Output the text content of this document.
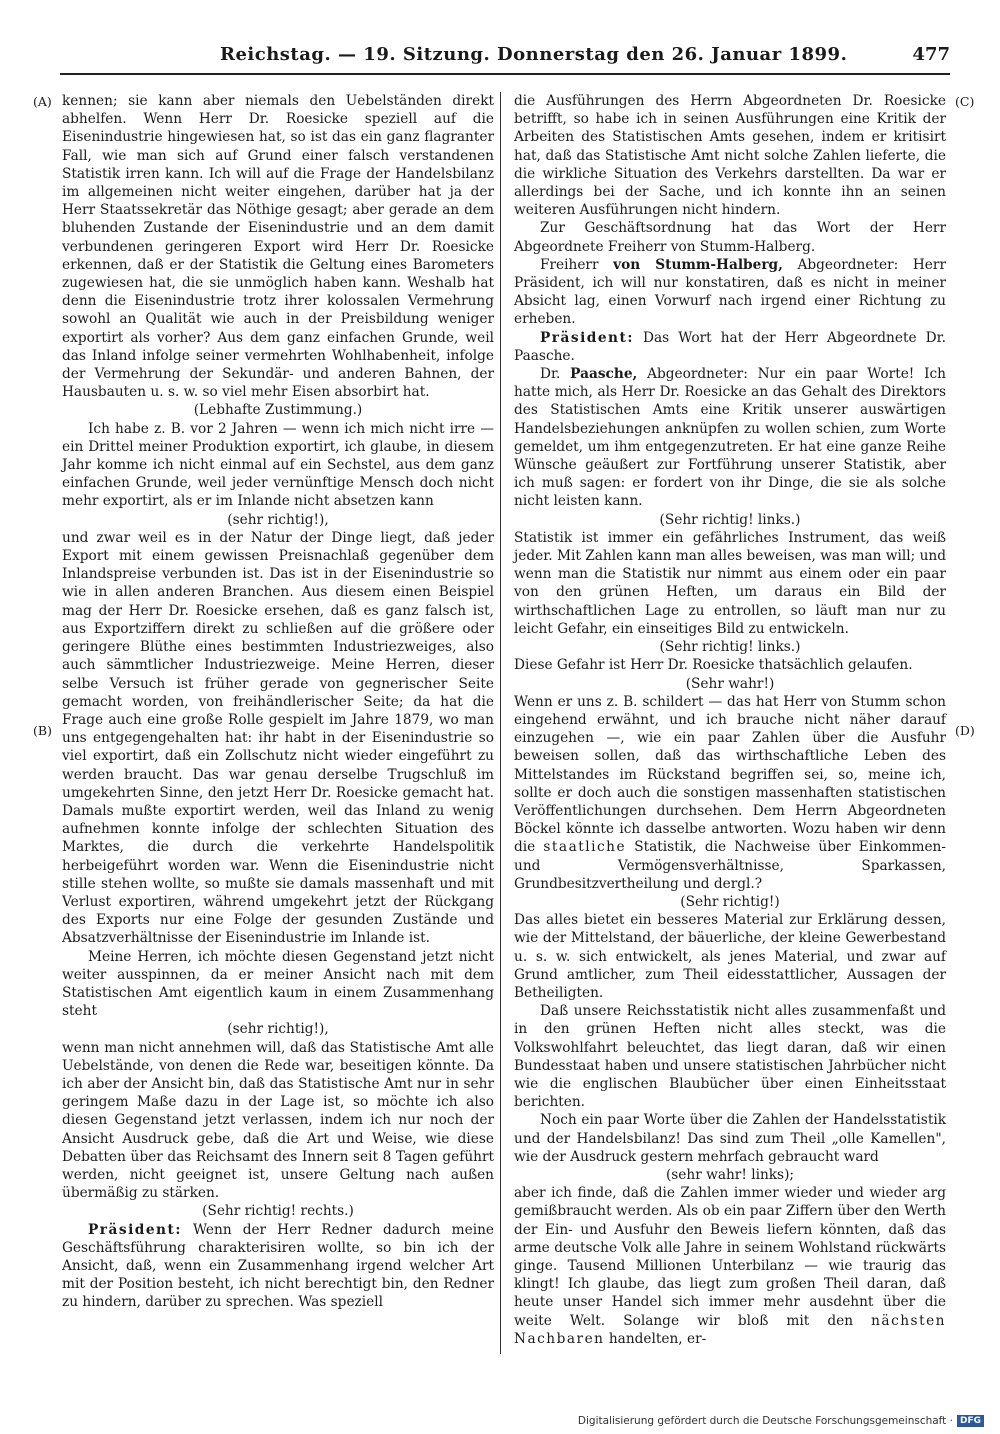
Reichstag. — 19. Sitzung. Donnerstag den 26. Januar 1899.	477
(A)
(B)
(C)
(D)

kennen; sie kann aber niemals den Uebelständen direkt abhelfen. Wenn Herr Dr. Roesicke speziell auf die Eisenindustrie hingewiesen hat, so ist das ein ganz flagranter Fall, wie man sich auf Grund einer falsch verstandenen Statistik irren kann. Ich will auf die Frage der Handelsbilanz im allgemeinen nicht weiter eingehen, darüber hat ja der Herr Staatssekretär das Nöthige gesagt; aber gerade an dem bluhenden Zustande der Eisenindustrie und an dem damit verbundenen geringeren Export wird Herr Dr. Roesicke erkennen, daß er der Statistik die Geltung eines Barometers zugewiesen hat, die sie unmöglich haben kann. Weshalb hat denn die Eisenindustrie trotz ihrer kolossalen Vermehrung sowohl an Qualität wie auch in der Preisbildung weniger exportirt als vorher? Aus dem ganz einfachen Grunde, weil das Inland infolge seiner vermehrten Wohlhabenheit, infolge der Vermehrung der Sekundär- und anderen Bahnen, der Hausbauten u. s. w. so viel mehr Eisen absorbirt hat.

(Lebhafte Zustimmung.)

Ich habe z. B. vor 2 Jahren — wenn ich mich nicht irre — ein Drittel meiner Produktion exportirt, ich glaube, in diesem Jahr komme ich nicht einmal auf ein Sechstel, aus dem ganz einfachen Grunde, weil jeder vernünftige Mensch doch nicht mehr exportirt, als er im Inlande nicht absetzen kann

(sehr richtig!),

und zwar weil es in der Natur der Dinge liegt, daß jeder Export mit einem gewissen Preisnachlaß gegenüber dem Inlandspreise verbunden ist. Das ist in der Eisenindustrie so wie in allen anderen Branchen. Aus diesem einen Beispiel mag der Herr Dr. Roesicke ersehen, daß es ganz falsch ist, aus Exportziffern direkt zu schließen auf die größere oder geringere Blüthe eines bestimmten Industriezweiges, also auch sämmtlicher Industriezweige. Meine Herren, dieser selbe Versuch ist früher gerade von gegnerischer Seite gemacht worden, von freihändlerischer Seite; da hat die Frage auch eine große Rolle gespielt im Jahre 1879, wo man uns entgegengehalten hat: ihr habt in der Eisenindustrie so viel exportirt, daß ein Zollschutz nicht wieder eingeführt zu werden braucht. Das war genau derselbe Trugschluß im umgekehrten Sinne, den jetzt Herr Dr. Roesicke gemacht hat. Damals mußte exportirt werden, weil das Inland zu wenig aufnehmen konnte infolge der schlechten Situation des Marktes, die durch die verkehrte Handelspolitik herbeigeführt worden war. Wenn die Eisenindustrie nicht stille stehen wollte, so mußte sie damals massenhaft und mit Verlust exportiren, während umgekehrt jetzt der Rückgang des Exports nur eine Folge der gesunden Zustände und Absatzverhältnisse der Eisenindustrie im Inlande ist.

Meine Herren, ich möchte diesen Gegenstand jetzt nicht weiter ausspinnen, da er meiner Ansicht nach mit dem Statistischen Amt eigentlich kaum in einem Zusammenhang steht

(sehr richtig!),

wenn man nicht annehmen will, daß das Statistische Amt alle Uebelstände, von denen die Rede war, beseitigen könnte. Da ich aber der Ansicht bin, daß das Statistische Amt nur in sehr geringem Maße dazu in der Lage ist, so möchte ich also diesen Gegenstand jetzt verlassen, indem ich nur noch der Ansicht Ausdruck gebe, daß die Art und Weise, wie diese Debatten über das Reichsamt des Innern seit 8 Tagen geführt werden, nicht geeignet ist, unsere Geltung nach außen übermäßig zu stärken.

(Sehr richtig! rechts.)

Präsident: Wenn der Herr Redner dadurch meine Geschäftsführung charakterisiren wollte, so bin ich der Ansicht, daß, wenn ein Zusammenhang irgend welcher Art mit der Position besteht, ich nicht berechtigt bin, den Redner zu hindern, darüber zu sprechen. Was speziell

die Ausführungen des Herrn Abgeordneten Dr. Roesicke betrifft, so habe ich in seinen Ausführungen eine Kritik der Arbeiten des Statistischen Amts gesehen, indem er kritisirt hat, daß das Statistische Amt nicht solche Zahlen lieferte, die die wirkliche Situation des Verkehrs darstellten. Da war er allerdings bei der Sache, und ich konnte ihn an seinen weiteren Ausführungen nicht hindern.

Zur Geschäftsordnung hat das Wort der Herr Abgeordnete Freiherr von Stumm-Halberg.

Freiherr von Stumm-Halberg, Abgeordneter: Herr Präsident, ich will nur konstatiren, daß es nicht in meiner Absicht lag, einen Vorwurf nach irgend einer Richtung zu erheben.

Präsident: Das Wort hat der Herr Abgeordnete Dr. Paasche.

Dr. Paasche, Abgeordneter: Nur ein paar Worte! Ich hatte mich, als Herr Dr. Roesicke an das Gehalt des Direktors des Statistischen Amts eine Kritik unserer auswärtigen Handelsbeziehungen anknüpfen zu wollen schien, zum Worte gemeldet, um ihm entgegenzutreten. Er hat eine ganze Reihe Wünsche geäußert zur Fortführung unserer Statistik, aber ich muß sagen: er fordert von ihr Dinge, die sie als solche nicht leisten kann.

(Sehr richtig! links.)

Statistik ist immer ein gefährliches Instrument, das weiß jeder. Mit Zahlen kann man alles beweisen, was man will; und wenn man die Statistik nur nimmt aus einem oder ein paar von den grünen Heften, um daraus ein Bild der wirthschaftlichen Lage zu entrollen, so läuft man nur zu leicht Gefahr, ein einseitiges Bild zu entwickeln.

(Sehr richtig! links.)

Diese Gefahr ist Herr Dr. Roesicke thatsächlich gelaufen.

(Sehr wahr!)

Wenn er uns z. B. schildert — das hat Herr von Stumm schon eingehend erwähnt, und ich brauche nicht näher darauf einzugehen —, wie ein paar Zahlen über die Ausfuhr beweisen sollen, daß das wirthschaftliche Leben des Mittelstandes im Rückstand begriffen sei, so, meine ich, sollte er doch auch die sonstigen massenhaften statistischen Veröffentlichungen durchsehen. Dem Herrn Abgeordneten Böckel könnte ich dasselbe antworten. Wozu haben wir denn die staatliche Statistik, die Nachweise über Einkommen- und Vermögensverhältnisse, Sparkassen, Grundbesitzvertheilung und dergl.?

(Sehr richtig!)

Das alles bietet ein besseres Material zur Erklärung dessen, wie der Mittelstand, der bäuerliche, der kleine Gewerbestand u. s. w. sich entwickelt, als jenes Material, und zwar auf Grund amtlicher, zum Theil eidesstattlicher, Aussagen der Betheiligten.

Daß unsere Reichsstatistik nicht alles zusammenfaßt und in den grünen Heften nicht alles steckt, was die Volkswohlfahrt beleuchtet, das liegt daran, daß wir einen Bundesstaat haben und unsere statistischen Jahrbücher nicht wie die englischen Blaubücher über einen Einheitsstaat berichten.

Noch ein paar Worte über die Zahlen der Handelsstatistik und der Handelsbilanz! Das sind zum Theil „olle Kamellen", wie der Ausdruck gestern mehrfach gebraucht ward

(sehr wahr! links);

aber ich finde, daß die Zahlen immer wieder und wieder arg gemißbraucht werden. Als ob ein paar Ziffern über den Werth der Ein- und Ausfuhr den Beweis liefern könnten, daß das arme deutsche Volk alle Jahre in seinem Wohlstand rückwärts ginge. Tausend Millionen Unterbilanz — wie traurig das klingt! Ich glaube, das liegt zum großen Theil daran, daß heute unser Handel sich immer mehr ausdehnt über die weite Welt. Solange wir bloß mit den nächsten Nachbaren handelten, er-

Digitalisierung gefördert durch die Deutsche Forschungsgemeinschaft · DFG
